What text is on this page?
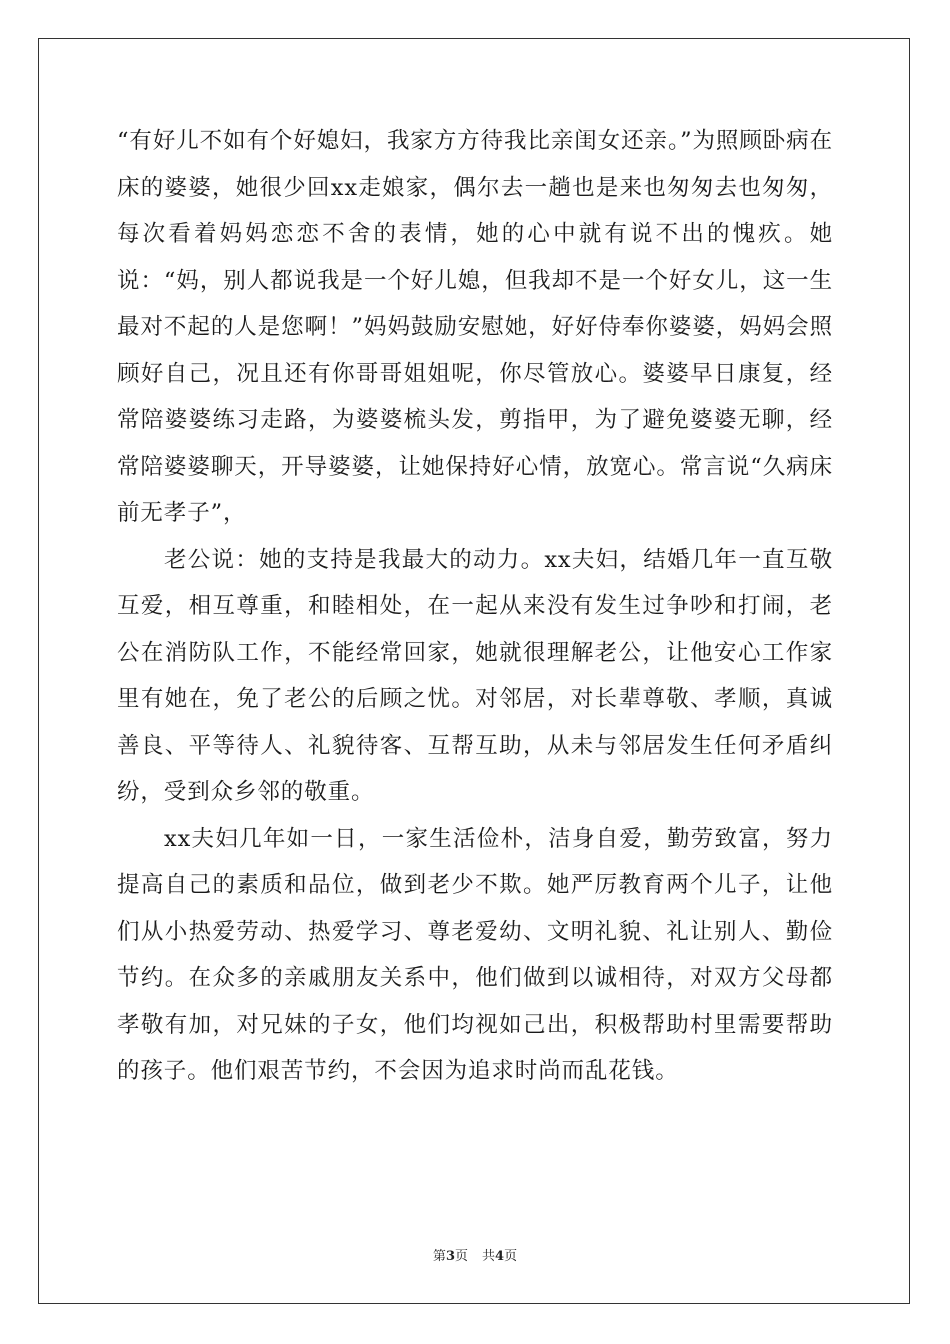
“有好儿不如有个好媳妇，我家方方待我比亲闺女还亲。”为照顾卧病在床的婆婆，她很少回xx走娘家，偶尔去一趟也是来也匆匆去也匆匆，每次看着妈妈恋恋不舍的表情，她的心中就有说不出的愧疚。她说：“妈，别人都说我是一个好儿媳，但我却不是一个好女儿，这一生最对不起的人是您啊！”妈妈鼓励安慰她，好好侍奉你婆婆，妈妈会照顾好自己，况且还有你哥哥姐姐呢，你尽管放心。婆婆早日康复，经常陪婆婆练习走路，为婆婆梳头发，剪指甲，为了避免婆婆无聊，经常陪婆婆聊天，开导婆婆，让她保持好心情，放宽心。常言说“久病床前无孝子”，

老公说：她的支持是我最大的动力。xx夫妇，结婚几年一直互敬互爱，相互尊重，和睦相处，在一起从来没有发生过争吵和打闹，老公在消防队工作，不能经常回家，她就很理解老公，让他安心工作家里有她在，免了老公的后顾之忧。对邻居，对长辈尊敬、孝顺，真诚善良、平等待人、礼貌待客、互帮互助，从未与邻居发生任何矛盾纠纷，受到众乡邻的敬重。

xx夫妇几年如一日，一家生活俭朴，洁身自爱，勤劳致富，努力提高自己的素质和品位，做到老少不欺。她严厉教育两个儿子，让他们从小热爱劳动、热爱学习、尊老爱幼、文明礼貌、礼让别人、勤俭节约。在众多的亲戚朋友关系中，他们做到以诚相待，对双方父母都孝敬有加，对兄妹的子女，他们均视如己出，积极帮助村里需要帮助的孩子。他们艰苦节约，不会因为追求时尚而乱花钱。

第3页 共4页
